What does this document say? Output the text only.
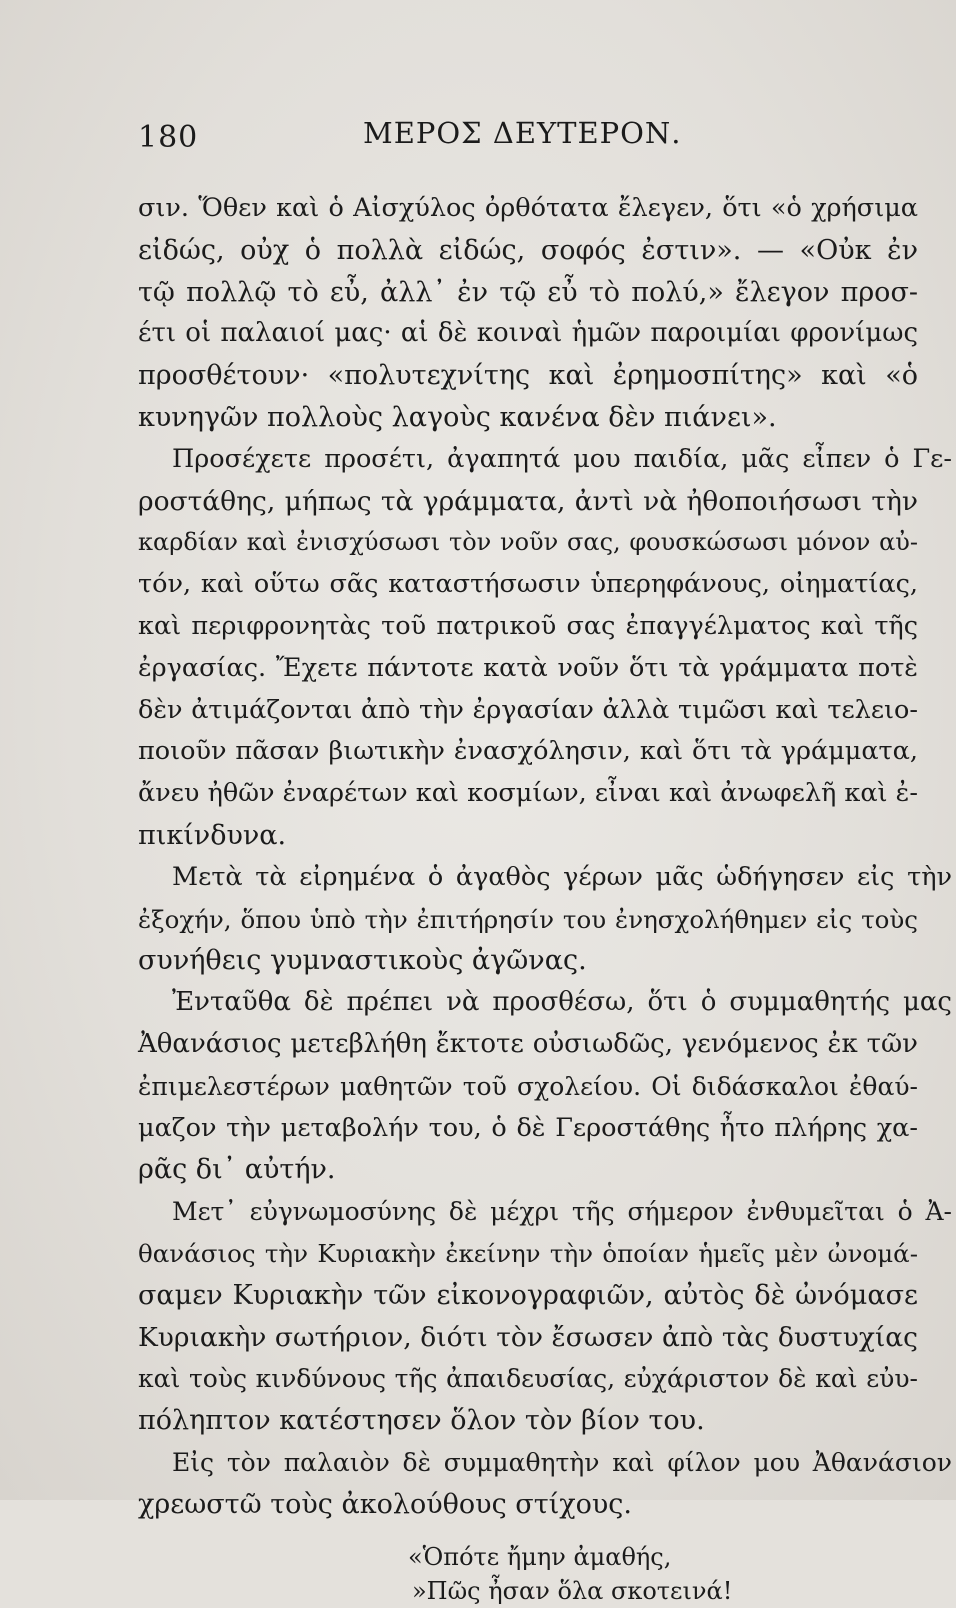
180	ΜΕΡΟΣ ΔΕΥΤΕΡΟΝ.
σιν. Ὅθεν καὶ ὁ Αἰσχύλος ὀρθότατα ἔλεγεν, ὅτι «ὁ χρήσιμα
εἰδώς, οὐχ ὁ πολλὰ εἰδώς, σοφός ἐστιν». — «Οὐκ ἐν
τῷ πολλῷ τὸ εὖ, ἀλλ᾽ ἐν τῷ εὖ τὸ πολύ,» ἔλεγον προσ-
έτι οἱ παλαιοί μας· αἱ δὲ κοιναὶ ἡμῶν παροιμίαι φρονίμως
προσθέτουν· «πολυτεχνίτης καὶ ἐρημοσπίτης» καὶ «ὁ
κυνηγῶν πολλοὺς λαγοὺς κανένα δὲν πιάνει».
Προσέχετε προσέτι, ἀγαπητά μου παιδία, μᾶς εἶπεν ὁ Γε-
ροστάθης, μήπως τὰ γράμματα, ἀντὶ νὰ ἠθοποιήσωσι τὴν
καρδίαν καὶ ἐνισχύσωσι τὸν νοῦν σας, φουσκώσωσι μόνον αὐ-
τόν, καὶ οὕτω σᾶς καταστήσωσιν ὑπερηφάνους, οἰηματίας,
καὶ περιφρονητὰς τοῦ πατρικοῦ σας ἐπαγγέλματος καὶ τῆς
ἐργασίας. Ἔχετε πάντοτε κατὰ νοῦν ὅτι τὰ γράμματα ποτὲ
δὲν ἀτιμάζονται ἀπὸ τὴν ἐργασίαν ἀλλὰ τιμῶσι καὶ τελειο-
ποιοῦν πᾶσαν βιωτικὴν ἐνασχόλησιν, καὶ ὅτι τὰ γράμματα,
ἄνευ ἠθῶν ἐναρέτων καὶ κοσμίων, εἶναι καὶ ἀνωφελῆ καὶ ἐ-
πικίνδυνα.
Μετὰ τὰ εἰρημένα ὁ ἀγαθὸς γέρων μᾶς ὡδήγησεν εἰς τὴν
ἐξοχήν, ὅπου ὑπὸ τὴν ἐπιτήρησίν του ἐνησχολήθημεν εἰς τοὺς
συνήθεις γυμναστικοὺς ἀγῶνας.
Ἐνταῦθα δὲ πρέπει νὰ προσθέσω, ὅτι ὁ συμμαθητής μας
Ἀθανάσιος μετεβλήθη ἔκτοτε οὐσιωδῶς, γενόμενος ἐκ τῶν
ἐπιμελεστέρων μαθητῶν τοῦ σχολείου. Οἱ διδάσκαλοι ἐθαύ-
μαζον τὴν μεταβολήν του, ὁ δὲ Γεροστάθης ἦτο πλήρης χα-
ρᾶς δι᾽ αὐτήν.
Μετ᾽ εὐγνωμοσύνης δὲ μέχρι τῆς σήμερον ἐνθυμεῖται ὁ Ἀ-
θανάσιος τὴν Κυριακὴν ἐκείνην τὴν ὁποίαν ἡμεῖς μὲν ὠνομά-
σαμεν Κυριακὴν τῶν εἰκονογραφιῶν, αὐτὸς δὲ ὠνόμασε
Κυριακὴν σωτήριον, διότι τὸν ἔσωσεν ἀπὸ τὰς δυστυχίας
καὶ τοὺς κινδύνους τῆς ἀπαιδευσίας, εὐχάριστον δὲ καὶ εὐυ-
πόληπτον κατέστησεν ὅλον τὸν βίον του.
Εἰς τὸν παλαιὸν δὲ συμμαθητὴν καὶ φίλον μου Ἀθανάσιον
χρεωστῶ τοὺς ἀκολούθους στίχους.
«Ὁπότε ἤμην ἀμαθής,
»Πῶς ἦσαν ὅλα σκοτεινά!
